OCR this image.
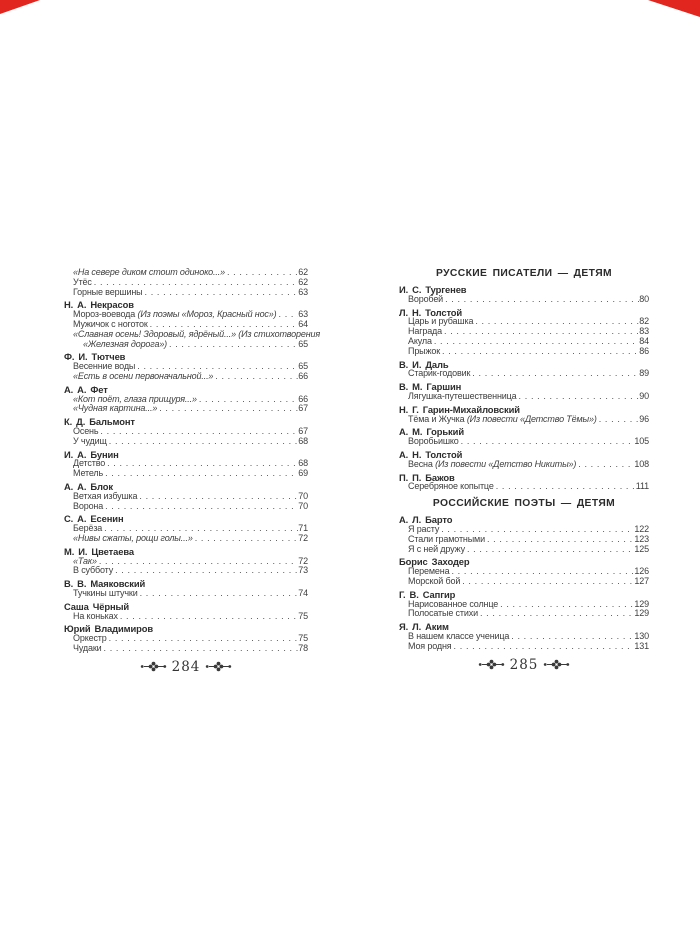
«На севере диком стоит одиноко...» . . .	62
Утёс . . .	62
Горные вершины . . .	63
Н. А. Некрасов
Мороз-воевода (Из поэмы «Мороз, Красный нос») . . . 63
Мужичок с ноготок . . .	64
«Славная осень! Здоровый, ядрёный...» (Из стихотворения
«Железная дорога») . . .	65
Ф. И. Тютчев
Весенние воды . . .	65
«Есть в осени первоначальной...» . . .	66
А. А. Фет
«Кот поёт, глаза прищуря...» . . .	66
«Чудная картина...» . . .	67
К. Д. Бальмонт
Осень . . .	67
У чудищ . . .	68
И. А. Бунин
Детство . . .	68
Метель . . .	69
А. А. Блок
Ветхая избушка . . .	70
Ворона . . .	70
С. А. Есенин
Берёза . . .	71
«Нивы сжаты, рощи голы...» . . .	72
М. И. Цветаева
«Так» . . .	72
В субботу . . .	73
В. В. Маяковский
Тучкины штучки . . .	74
Саша Чёрный
На коньках . . .	75
Юрий Владимиров
Оркестр . . .	75
Чудаки . . .	78
284
РУССКИЕ ПИСАТЕЛИ — ДЕТЯМ
И. С. Тургенев
Воробей . . .	80
Л. Н. Толстой
Царь и рубашка . . .	82
Награда . . .	83
Акула . . .	84
Прыжок . . .	86
В. И. Даль
Старик-годовик . . .	89
В. М. Гаршин
Лягушка-путешественница . . .	90
Н. Г. Гарин-Михайловский
Тёма и Жучка (Из повести «Детство Тёмы») . . .	96
А. М. Горький
Воробьишко . . .	105
А. Н. Толстой
Весна (Из повести «Детство Никиты») . . .	108
П. П. Бажов
Серебряное копытце . . .	111
РОССИЙСКИЕ ПОЭТЫ — ДЕТЯМ
А. Л. Барто
Я расту . . .	122
Стали грамотными . . .	123
Я с ней дружу . . .	125
Борис Заходер
Перемена . . .	126
Морской бой . . .	127
Г. В. Сапгир
Нарисованное солнце . . .	129
Полосатые стихи . . .	129
Я. Л. Аким
В нашем классе ученица . . .	130
Моя родня . . .	131
285
